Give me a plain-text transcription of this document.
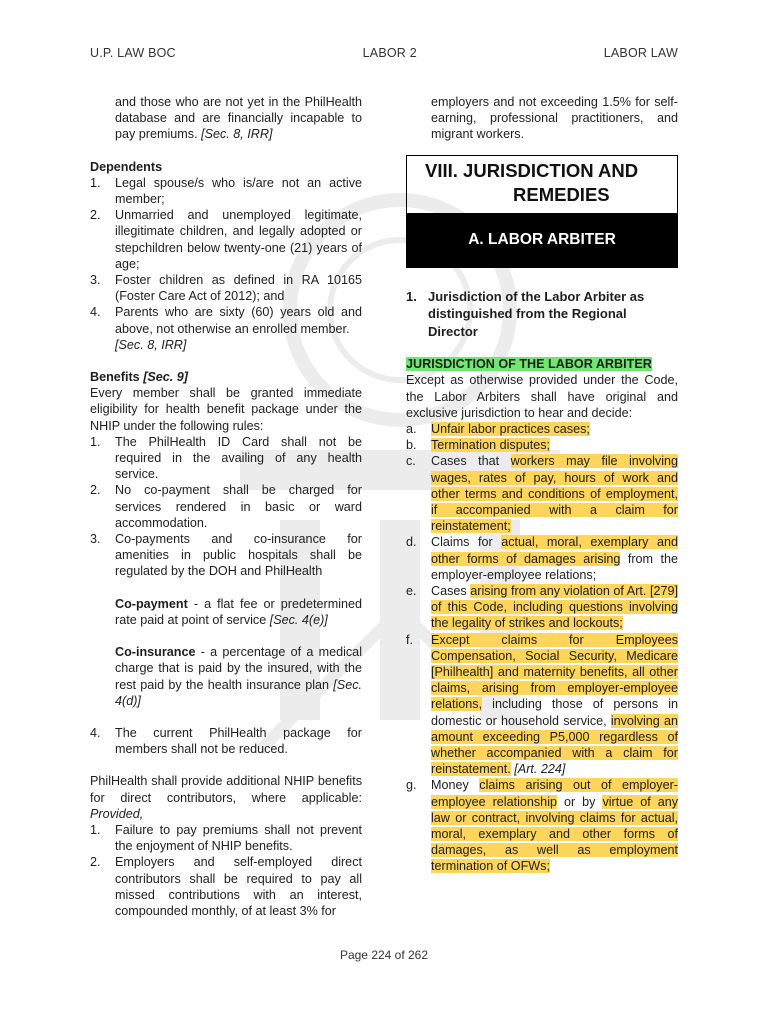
U.P. LAW BOC	LABOR 2	LABOR LAW

and those who are not yet in the PhilHealth database and are financially incapable to pay premiums. [Sec. 8, IRR]

Dependents

1.	Legal spouse/s who is/are not an active member;
2.	Unmarried and unemployed legitimate, illegitimate children, and legally adopted or stepchildren below twenty-one (21) years of age;
3.	Foster children as defined in RA 10165 (Foster Care Act of 2012); and
4.	Parents who are sixty (60) years old and above, not otherwise an enrolled member.

[Sec. 8, IRR]

Benefits [Sec. 9]

Every member shall be granted immediate eligibility for health benefit package under the NHIP under the following rules:

1.	The PhilHealth ID Card shall not be required in the availing of any health service.
2.	No co-payment shall be charged for services rendered in basic or ward accommodation.
3.	Co-payments and co-insurance for amenities in public hospitals shall be regulated by the DOH and PhilHealth

Co-payment - a flat fee or predetermined rate paid at point of service [Sec. 4(e)]

Co-insurance - a percentage of a medical charge that is paid by the insured, with the rest paid by the health insurance plan [Sec. 4(d)]

4.	The current PhilHealth package for members shall not be reduced.

PhilHealth shall provide additional NHIP benefits for direct contributors, where applicable: Provided,

1.	Failure to pay premiums shall not prevent the enjoyment of NHIP benefits.
2.	Employers and self-employed direct contributors shall be required to pay all missed contributions with an interest, compounded monthly, of at least 3% for

employers and not exceeding 1.5% for self-earning, professional practitioners, and migrant workers.

VIII. JURISDICTION AND
REMEDIES
A. LABOR ARBITER
1. Jurisdiction of the Labor Arbiter as distinguished from the Regional Director

JURISDICTION OF THE LABOR ARBITER

Except as otherwise provided under the Code, the Labor Arbiters shall have original and exclusive jurisdiction to hear and decide:

a.	Unfair labor practices cases;
b.	Termination disputes;
c.	Cases that workers may file involving wages, rates of pay, hours of work and other terms and conditions of employment, if accompanied with a claim for reinstatement;
d.	Claims for actual, moral, exemplary and other forms of damages arising from the employer-employee relations;
e.	Cases arising from any violation of Art. [279] of this Code, including questions involving the legality of strikes and lockouts;
f.	Except claims for Employees Compensation, Social Security, Medicare [Philhealth] and maternity benefits, all other claims, arising from employer-employee relations, including those of persons in domestic or household service, involving an amount exceeding P5,000 regardless of whether accompanied with a claim for reinstatement. [Art. 224]
g.	Money claims arising out of employer-employee relationship or by virtue of any law or contract, involving claims for actual, moral, exemplary and other forms of damages, as well as employment termination of OFWs;
Page 224 of 262
